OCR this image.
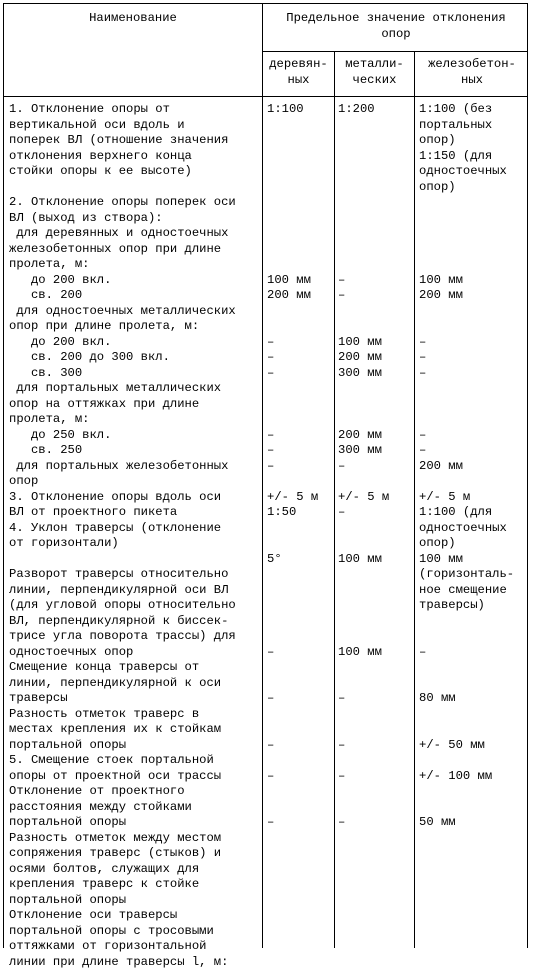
Наименование	Предельное значение отклонения
опор
деревян-
ных
металли-
ческих
железобетон-
ных
1. Отклонение опоры от
вертикальной оси вдоль и
поперек ВЛ (отношение значения
отклонения верхнего конца
стойки опоры к ее высоте)

2. Отклонение опоры поперек оси
ВЛ (выход из створа):
для деревянных и одностоечных
железобетонных опор при длине
пролета, м:
до 200 вкл.
св. 200
для одностоечных металлических
опор при длине пролета, м:
до 200 вкл.
св. 200 до 300 вкл.
св. 300
для портальных металлических
опор на оттяжках при длине
пролета, м:
до 250 вкл.
св. 250
для портальных железобетонных
опор
3. Отклонение опоры вдоль оси
ВЛ от проектного пикета
4. Уклон траверсы (отклонение
от горизонтали)

Разворот траверсы относительно
линии, перпендикулярной оси ВЛ
(для угловой опоры относительно
ВЛ, перпендикулярной к биссек-
трисе угла поворота трассы) для
одностоечных опор
Смещение конца траверсы от
линии, перпендикулярной к оси
траверсы
Разность отметок траверс в
местах крепления их к стойкам
портальной опоры
5. Смещение стоек портальной
опоры от проектной оси трассы
Отклонение от проектного
расстояния между стойками
портальной опоры
Разность отметок между местом
сопряжения траверс (стыков) и
осями болтов, служащих для
крепления траверс к стойке
портальной опоры
Отклонение оси траверсы
портальной опоры с тросовыми
оттяжками от горизонтальной
линии при длине траверсы l, м:
1:100

100 мм
200 мм

–
–
–

–
–
–

+/- 5 м
1:50

5°

–

–

–

–

–
1:200

–
–

100 мм
200 мм
300 мм

200 мм
300 мм
–

+/- 5 м
–

100 мм

100 мм

–

–

–

–
1:100 (без
портальных
опор)
1:150 (для
одностоечных
опор)

100 мм
200 мм

–
–
–

–
–
200 мм

+/- 5 м
1:100 (для
одностоечных
опор)
100 мм
(горизонталь-
ное смещение
траверсы)

–

80 мм

+/- 50 мм

+/- 100 мм

50 мм
